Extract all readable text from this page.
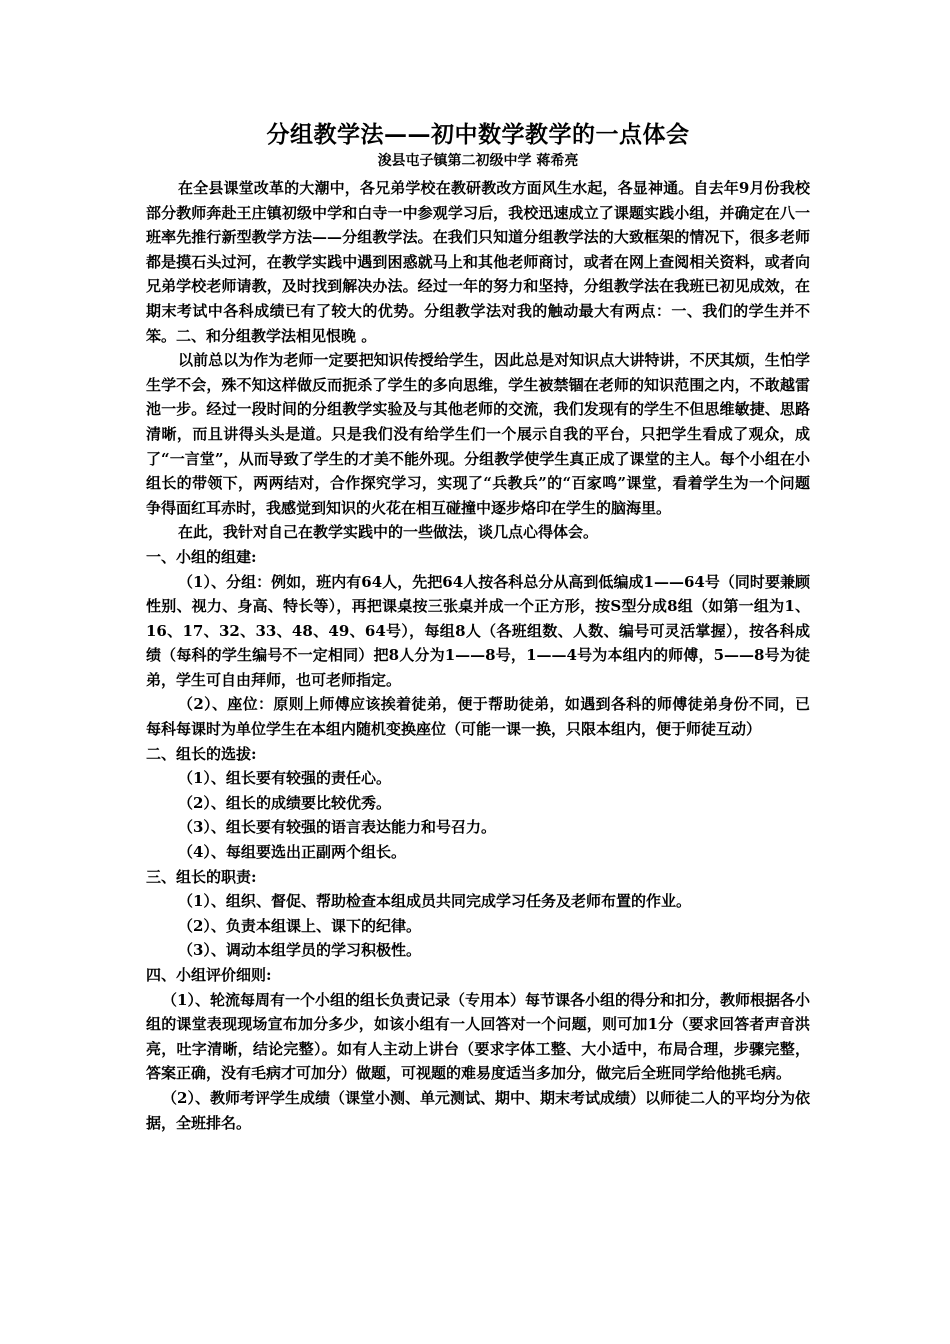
分组教学法——初中数学教学的一点体会
浚县屯子镇第二初级中学 蒋希亮

在全县课堂改革的大潮中，各兄弟学校在教研教改方面风生水起，各显神通。自去年9月份我校部分教师奔赴王庄镇初级中学和白寺一中参观学习后，我校迅速成立了课题实践小组，并确定在八一班率先推行新型教学方法——分组教学法。在我们只知道分组教学法的大致框架的情况下，很多老师都是摸石头过河，在教学实践中遇到困惑就马上和其他老师商讨，或者在网上查阅相关资料，或者向兄弟学校老师请教，及时找到解决办法。经过一年的努力和坚持，分组教学法在我班已初见成效，在期末考试中各科成绩已有了较大的优势。分组教学法对我的触动最大有两点：一、我们的学生并不笨。二、和分组教学法相见恨晚 。

以前总以为作为老师一定要把知识传授给学生，因此总是对知识点大讲特讲，不厌其烦，生怕学生学不会，殊不知这样做反而扼杀了学生的多向思维，学生被禁锢在老师的知识范围之内，不敢越雷池一步。经过一段时间的分组教学实验及与其他老师的交流，我们发现有的学生不但思维敏捷、思路清晰，而且讲得头头是道。只是我们没有给学生们一个展示自我的平台，只把学生看成了观众，成了“一言堂”，从而导致了学生的才美不能外现。分组教学使学生真正成了课堂的主人。每个小组在小组长的带领下，两两结对，合作探究学习，实现了“兵教兵”的“百家鸣”课堂，看着学生为一个问题争得面红耳赤时，我感觉到知识的火花在相互碰撞中逐步烙印在学生的脑海里。

在此，我针对自己在教学实践中的一些做法，谈几点心得体会。

一、小组的组建:

（1）、分组：例如，班内有64人，先把64人按各科总分从高到低编成1——64号（同时要兼顾性别、视力、身高、特长等），再把课桌按三张桌并成一个正方形，按S型分成8组（如第一组为1、16、17、32、33、48、49、64号），每组8人（各班组数、人数、编号可灵活掌握），按各科成绩（每科的学生编号不一定相同）把8人分为1——8号，1——4号为本组内的师傅，5——8号为徒弟，学生可自由拜师，也可老师指定。

（2）、座位：原则上师傅应该挨着徒弟，便于帮助徒弟，如遇到各科的师傅徒弟身份不同，已每科每课时为单位学生在本组内随机变换座位（可能一课一换，只限本组内，便于师徒互动）

二、组长的选拔:

（1）、组长要有较强的责任心。

（2）、组长的成绩要比较优秀。

（3）、组长要有较强的语言表达能力和号召力。

（4）、每组要选出正副两个组长。

三、组长的职责:

（1）、组织、督促、帮助检查本组成员共同完成学习任务及老师布置的作业。

（2）、负责本组课上、课下的纪律。

（3）、调动本组学员的学习积极性。

四、小组评价细则:

（1）、轮流每周有一个小组的组长负责记录（专用本）每节课各小组的得分和扣分，教师根据各小组的课堂表现现场宣布加分多少，如该小组有一人回答对一个问题，则可加1分（要求回答者声音洪亮，吐字清晰，结论完整）。如有人主动上讲台（要求字体工整、大小适中，布局合理，步骤完整，答案正确，没有毛病才可加分）做题，可视题的难易度适当多加分，做完后全班同学给他挑毛病。

（2）、教师考评学生成绩（课堂小测、单元测试、期中、期末考试成绩）以师徒二人的平均分为依据，全班排名。
